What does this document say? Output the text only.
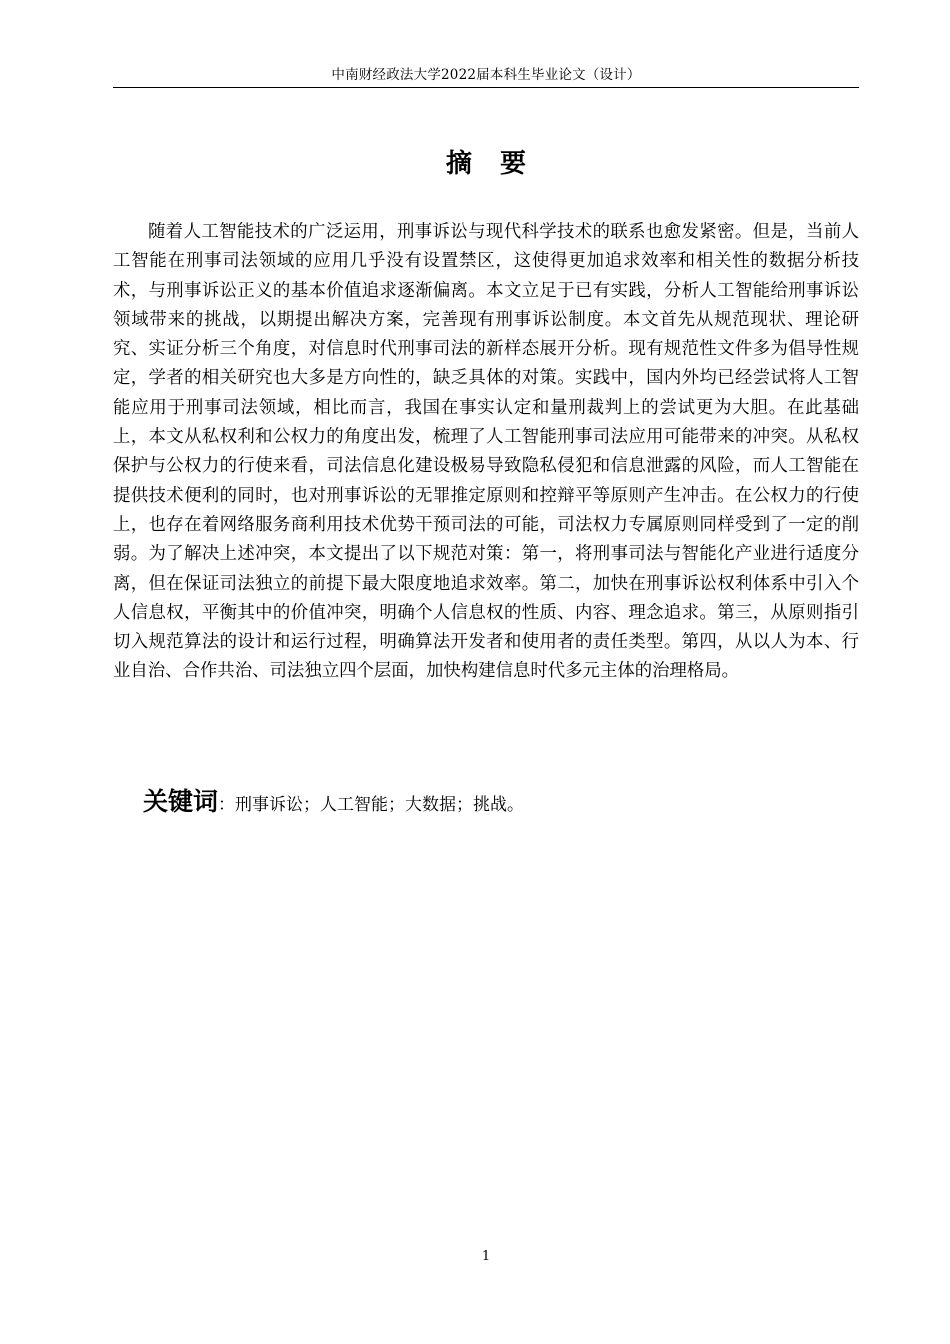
中南财经政法大学2022届本科生毕业论文（设计）
摘要

随着人工智能技术的广泛运用，刑事诉讼与现代科学技术的联系也愈发紧密。但是，当前人工智能在刑事司法领域的应用几乎没有设置禁区，这使得更加追求效率和相关性的数据分析技术，与刑事诉讼正义的基本价值追求逐渐偏离。本文立足于已有实践，分析人工智能给刑事诉讼领域带来的挑战，以期提出解决方案，完善现有刑事诉讼制度。本文首先从规范现状、理论研究、实证分析三个角度，对信息时代刑事司法的新样态展开分析。现有规范性文件多为倡导性规定，学者的相关研究也大多是方向性的，缺乏具体的对策。实践中，国内外均已经尝试将人工智能应用于刑事司法领域，相比而言，我国在事实认定和量刑裁判上的尝试更为大胆。在此基础上，本文从私权利和公权力的角度出发，梳理了人工智能刑事司法应用可能带来的冲突。从私权保护与公权力的行使来看，司法信息化建设极易导致隐私侵犯和信息泄露的风险，而人工智能在提供技术便利的同时，也对刑事诉讼的无罪推定原则和控辩平等原则产生冲击。在公权力的行使上，也存在着网络服务商利用技术优势干预司法的可能，司法权力专属原则同样受到了一定的削弱。为了解决上述冲突，本文提出了以下规范对策：第一，将刑事司法与智能化产业进行适度分离，但在保证司法独立的前提下最大限度地追求效率。第二，加快在刑事诉讼权利体系中引入个人信息权，平衡其中的价值冲突，明确个人信息权的性质、内容、理念追求。第三，从原则指引切入规范算法的设计和运行过程，明确算法开发者和使用者的责任类型。第四，从以人为本、行业自治、合作共治、司法独立四个层面，加快构建信息时代多元主体的治理格局。

关键词：刑事诉讼；人工智能；大数据；挑战。
1
